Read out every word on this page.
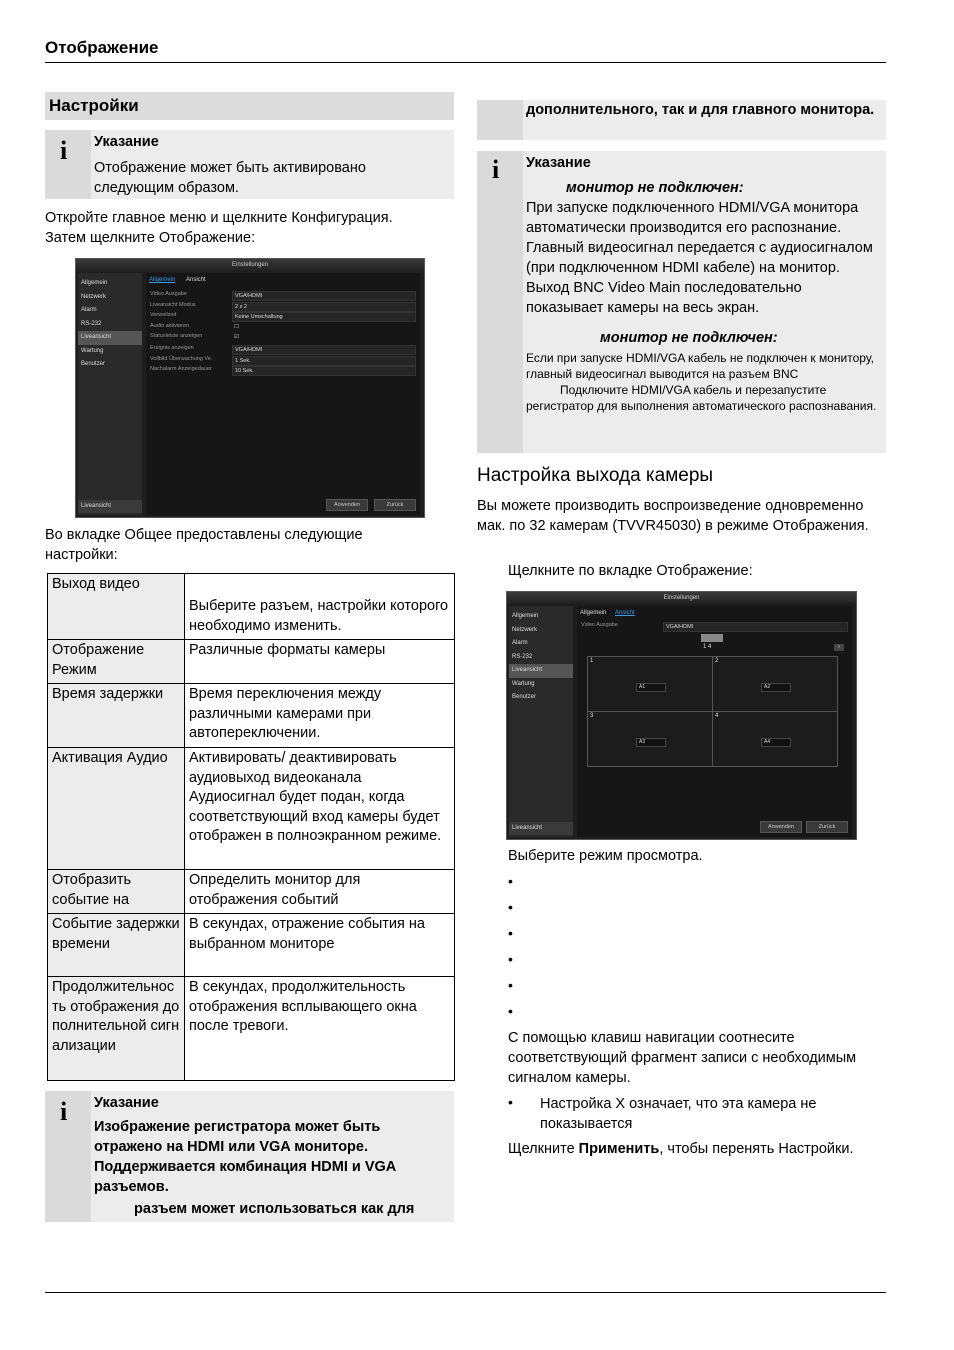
Отображение
Настройки
i Указание
Отображение может быть активировано следующим образом.
Откройте главное меню и щелкните Конфигурация.
Затем щелкните Отображение:
Einstellungen
Allgemein
Netzwerk
Alarm
RS-232
Liveansicht
Wartung
Benutzer
Liveansicht
Allgemein Ansicht
Video Ausgabe	VGA/HDMI
Liveansicht Modus	2 x 2
Verweilzeit	Keine Umschaltung
Audio aktivieren	☐
Statusleiste anzeigen	☑
Ereignis anzeigen	VGA/HDMI
Vollbild Überwachung Ve.	1 Sek.
Nachalarm Anzeigedauer	10 Sek.
Anwenden	Zurück
Во вкладке Общее предоставлены следующие
настройки:
Выход видео	Выберите разъем, настройки которого необходимо изменить.

Отображение Режим	Различные форматы камеры
Время задержки	Время переключения между различными камерами при автопереключении.
Активация Аудио	Активировать/ деактивировать аудиовыход видеоканала Аудиосигнал будет подан, когда соответствующий вход камеры будет отображен в полноэкранном режиме.
Отобразить событие на	Определить монитор для отображения событий
Событие задержки времени	В секундах, отражение события на выбранном мониторе
Продолжительность отображения дополнительной сигнализации	В секундах, продолжительность отображения всплывающего окна после тревоги.
i Указание
Изображение регистратора может быть отражено на HDMI или VGA мониторе. Поддерживается комбинация HDMI и VGA разъемов.
разъем может использоваться как для
дополнительного, так и для главного монитора.
i Указание
монитор не подключен:
При запуске подключенного HDMI/VGA монитора автоматически производится его распознание. Главный видеосигнал передается с аудиосигналом (при подключенном HDMI кабеле) на монитор. Выход BNC Video Main последовательно показывает камеры на весь экран.
монитор не подключен:
Если при запуске HDMI/VGA кабель не подключен к монитору, главный видеосигнал выводится на разъем BNC
Подключите HDMI/VGA кабель и перезапустите регистратор для выполнения автоматического распознавания.
Настройка выхода камеры
Вы можете производить воспроизведение одновременно мак. по 32 камерам (TVVR45030) в режиме Отображения.
Щелкните по вкладке Отображение:
Einstellungen
Allgemein
Netzwerk
Alarm
RS-232
Liveansicht
Wartung
Benutzer
Liveansicht
Allgemein Ansicht
Video Ausgabe	VGA/HDMI
1 4	›
1
A1
2
A2
3
A3
4
A4
Anwenden	Zurück
Выберите режим просмотра.
•
•
•
•
•
•
С помощью клавиш навигации соотнесите соответствующий фрагмент записи с необходимым сигналом камеры.
• Настройка X означает, что эта камера не показывается
Щелкните Применить, чтобы перенять Настройки.
